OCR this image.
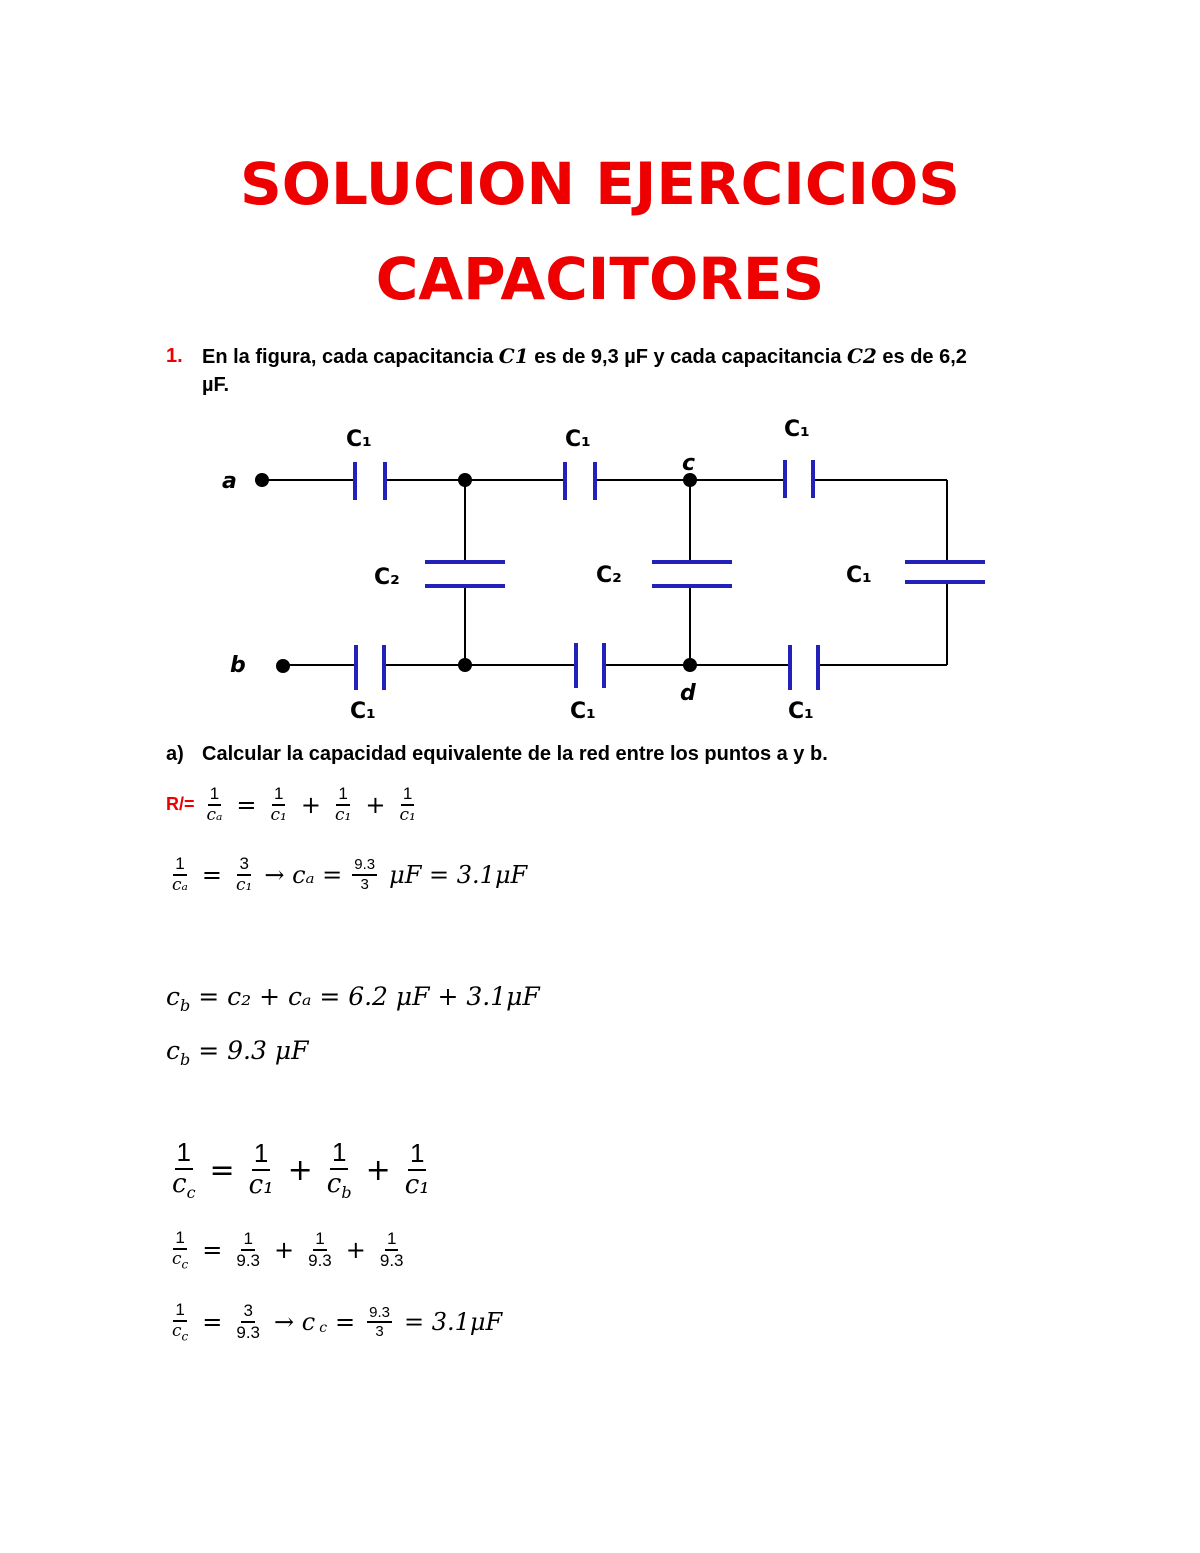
SOLUCION EJERCICIOS
CAPACITORES
1. En la figura, cada capacitancia C1 es de 9,3 µF y cada capacitancia C2 es de 6,2
µF.
a
b
c
d
C₁	C₁	C₁
C₂	C₂	C₁
C₁	C₁	C₁
a) Calcular la capacidad equivalente de la red entre los puntos a y b.
$R/= \frac{1}{\text{cₐ}} = \frac{1}{\text{c₁}} + \frac{1}{\text{c₁}} + \frac{1}{\text{c₁}}$
$\frac{1}{\text{cₐ}} = \frac{3}{\text{c₁}} \to c_a = \frac{9.3}{3}$ μF = 3.1μF
$c_b = c_2 + c_a = 6.2$ μF + 3.1μF
$c_b = 9.3$ μF
$\frac{1}{c_c} = \frac{1}{\text{c₁}} + \frac{1}{c_b} + \frac{1}{\text{c₁}}$
$\frac{1}{c_c} = \frac{1}{9.3} + \frac{1}{9.3} + \frac{1}{9.3}$
$\frac{1}{c_c} = \frac{3}{9.3} \to c$ $_c = \frac{9.3}{3} = 3.1\mu F$
